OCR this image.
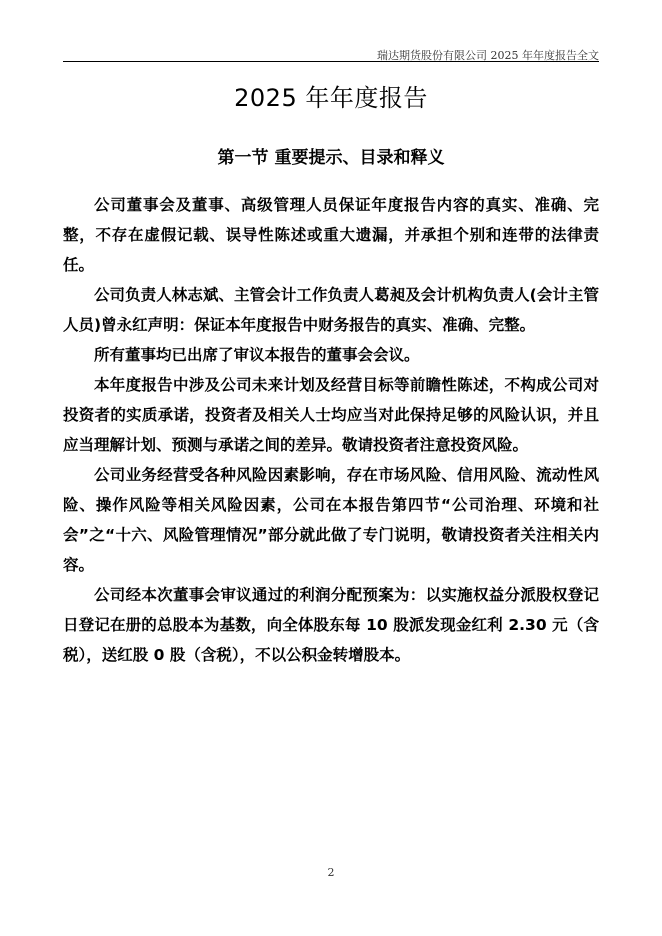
瑞达期货股份有限公司 2025 年年度报告全文
2025 年年度报告
第一节 重要提示、目录和释义

公司董事会及董事、高级管理人员保证年度报告内容的真实、准确、完整，不存在虚假记载、误导性陈述或重大遗漏，并承担个别和连带的法律责任。

公司负责人林志斌、主管会计工作负责人葛昶及会计机构负责人(会计主管人员)曾永红声明：保证本年度报告中财务报告的真实、准确、完整。

所有董事均已出席了审议本报告的董事会会议。

本年度报告中涉及公司未来计划及经营目标等前瞻性陈述，不构成公司对投资者的实质承诺，投资者及相关人士均应当对此保持足够的风险认识，并且应当理解计划、预测与承诺之间的差异。敬请投资者注意投资风险。

公司业务经营受各种风险因素影响，存在市场风险、信用风险、流动性风险、操作风险等相关风险因素，公司在本报告第四节“公司治理、环境和社会”之“十六、风险管理情况”部分就此做了专门说明，敬请投资者关注相关内容。

公司经本次董事会审议通过的利润分配预案为：以实施权益分派股权登记日登记在册的总股本为基数，向全体股东每 10 股派发现金红利 2.30 元（含税），送红股 0 股（含税），不以公积金转增股本。

2
